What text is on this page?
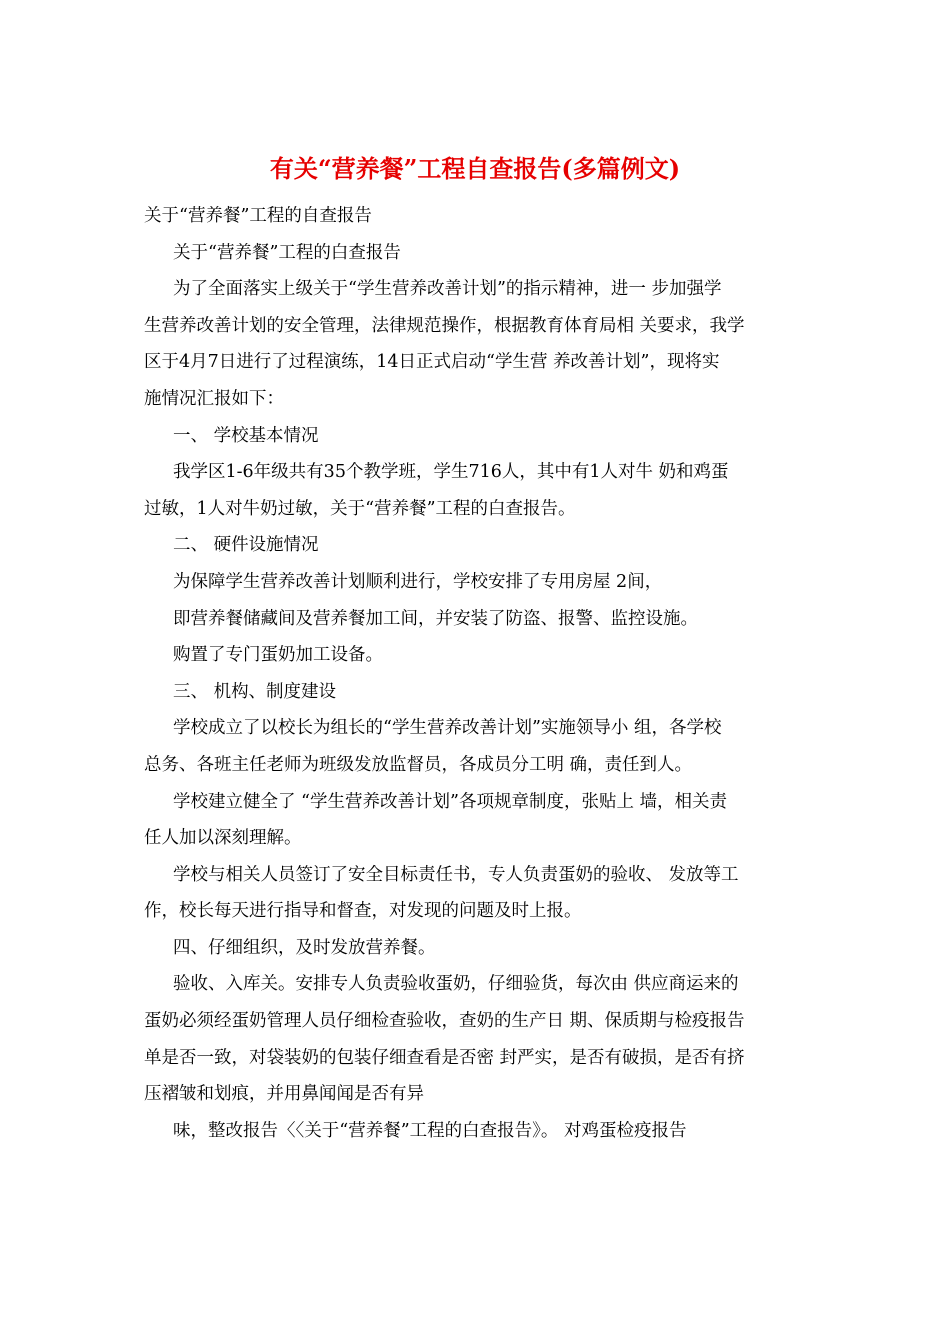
有关“营养餐”工程自查报告(多篇例文)
关于“营养餐”工程的自查报告
关于“营养餐”工程的白查报告
为了全面落实上级关于“学生营养改善计划”的指示精神，进一 步加强学
生营养改善计划的安全管理，法律规范操作，根据教育体育局相 关要求，我学
区于4月7日进行了过程演练，14日正式启动“学生营 养改善计划”，现将实
施情况汇报如下：
一、 学校基本情况
我学区1-6年级共有35个教学班，学生716人，其中有1人对牛 奶和鸡蛋
过敏，1人对牛奶过敏，关于“营养餐”工程的白查报告。
二、 硬件设施情况
为保障学生营养改善计划顺利进行，学校安排了专用房屋 2间，
即营养餐储藏间及营养餐加工间，并安装了防盗、报警、监控设施。
购置了专门蛋奶加工设备。
三、 机构、制度建设
学校成立了以校长为组长的“学生营养改善计划”实施领导小 组，各学校
总务、各班主任老师为班级发放监督员，各成员分工明 确，责任到人。
学校建立健全了 “学生营养改善计划”各项规章制度，张贴上 墙，相关责
任人加以深刻理解。
学校与相关人员签订了安全目标责任书，专人负责蛋奶的验收、 发放等工
作，校长每天进行指导和督查，对发现的问题及时上报。
四、仔细组织，及时发放营养餐。
验收、入库关。安排专人负责验收蛋奶，仔细验货，每次由 供应商运来的
蛋奶必须经蛋奶管理人员仔细检查验收，查奶的生产日 期、保质期与检疫报告
单是否一致，对袋装奶的包装仔细查看是否密 封严实，是否有破损，是否有挤
压褶皱和划痕，并用鼻闻闻是否有异
味，整改报告〈〈关于“营养餐”工程的白查报告》。 对鸡蛋检疫报告
